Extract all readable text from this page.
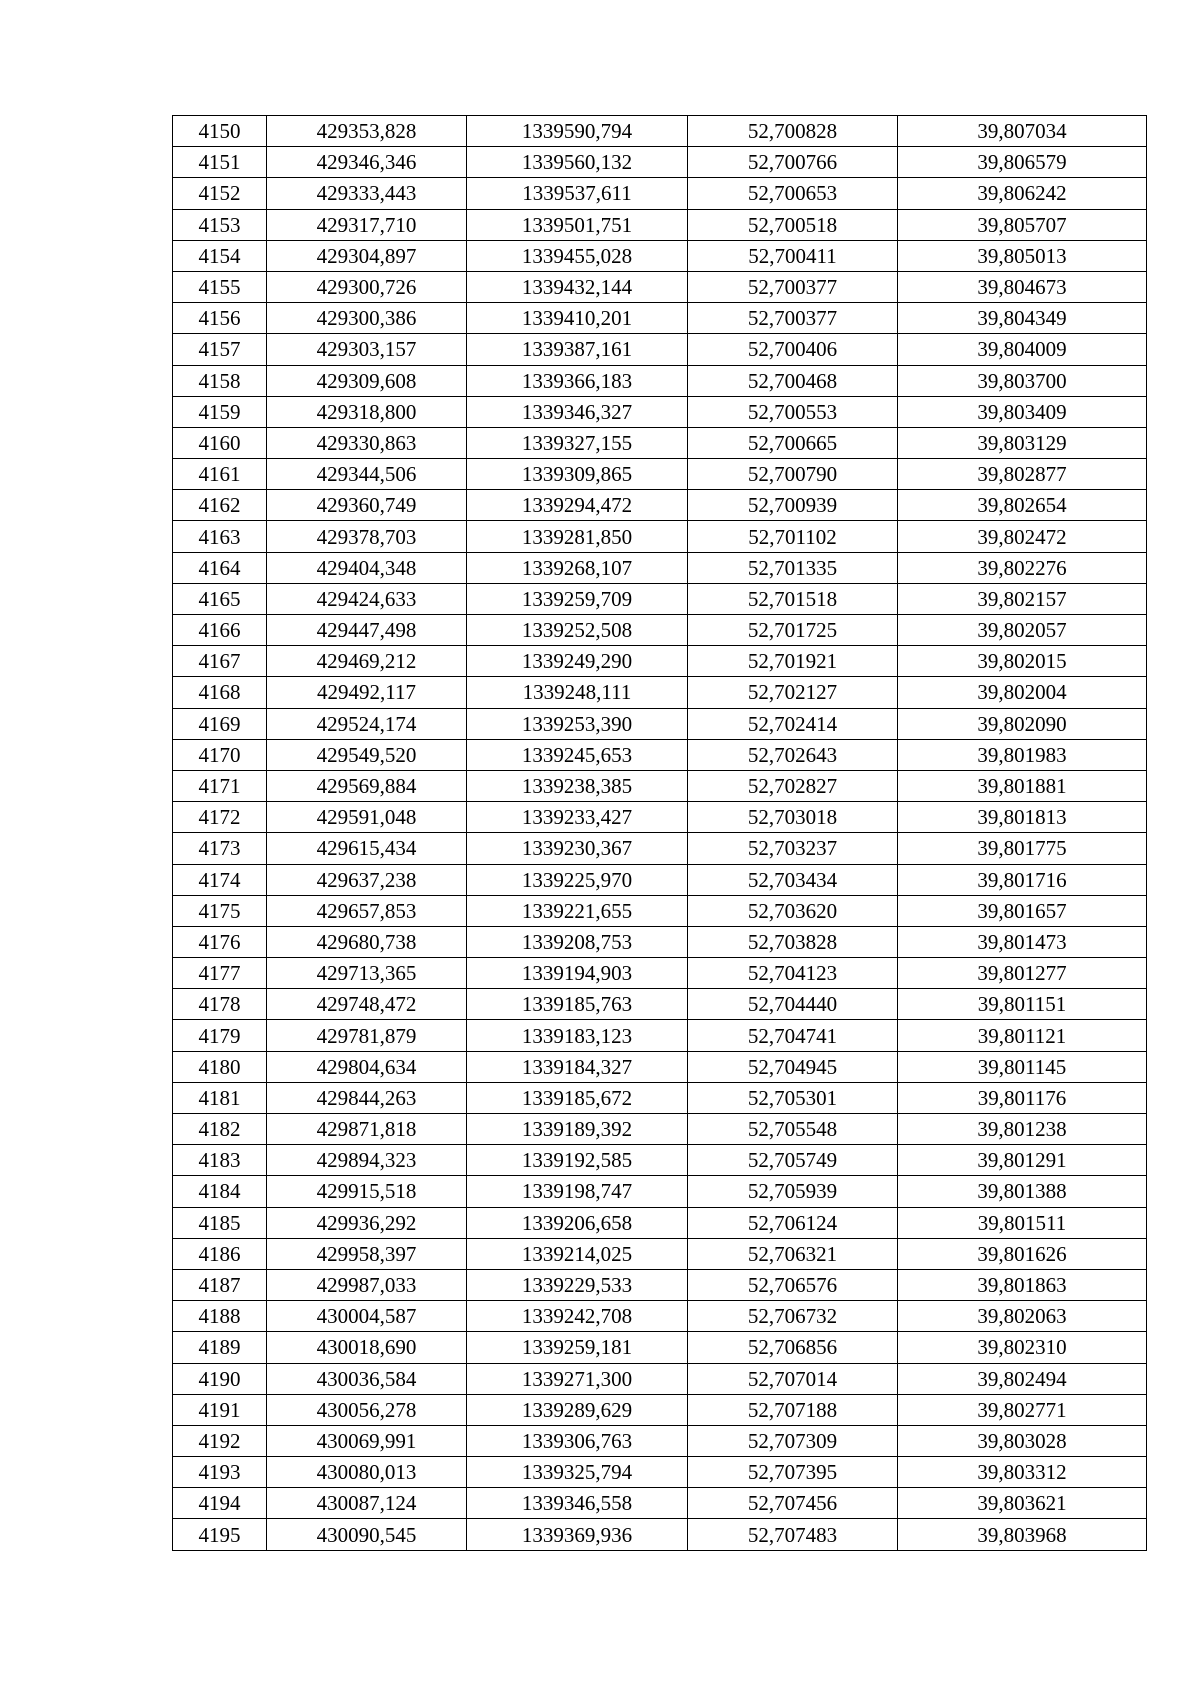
4150	429353,828	1339590,794	52,700828	39,807034
4151	429346,346	1339560,132	52,700766	39,806579
4152	429333,443	1339537,611	52,700653	39,806242
4153	429317,710	1339501,751	52,700518	39,805707
4154	429304,897	1339455,028	52,700411	39,805013
4155	429300,726	1339432,144	52,700377	39,804673
4156	429300,386	1339410,201	52,700377	39,804349
4157	429303,157	1339387,161	52,700406	39,804009
4158	429309,608	1339366,183	52,700468	39,803700
4159	429318,800	1339346,327	52,700553	39,803409
4160	429330,863	1339327,155	52,700665	39,803129
4161	429344,506	1339309,865	52,700790	39,802877
4162	429360,749	1339294,472	52,700939	39,802654
4163	429378,703	1339281,850	52,701102	39,802472
4164	429404,348	1339268,107	52,701335	39,802276
4165	429424,633	1339259,709	52,701518	39,802157
4166	429447,498	1339252,508	52,701725	39,802057
4167	429469,212	1339249,290	52,701921	39,802015
4168	429492,117	1339248,111	52,702127	39,802004
4169	429524,174	1339253,390	52,702414	39,802090
4170	429549,520	1339245,653	52,702643	39,801983
4171	429569,884	1339238,385	52,702827	39,801881
4172	429591,048	1339233,427	52,703018	39,801813
4173	429615,434	1339230,367	52,703237	39,801775
4174	429637,238	1339225,970	52,703434	39,801716
4175	429657,853	1339221,655	52,703620	39,801657
4176	429680,738	1339208,753	52,703828	39,801473
4177	429713,365	1339194,903	52,704123	39,801277
4178	429748,472	1339185,763	52,704440	39,801151
4179	429781,879	1339183,123	52,704741	39,801121
4180	429804,634	1339184,327	52,704945	39,801145
4181	429844,263	1339185,672	52,705301	39,801176
4182	429871,818	1339189,392	52,705548	39,801238
4183	429894,323	1339192,585	52,705749	39,801291
4184	429915,518	1339198,747	52,705939	39,801388
4185	429936,292	1339206,658	52,706124	39,801511
4186	429958,397	1339214,025	52,706321	39,801626
4187	429987,033	1339229,533	52,706576	39,801863
4188	430004,587	1339242,708	52,706732	39,802063
4189	430018,690	1339259,181	52,706856	39,802310
4190	430036,584	1339271,300	52,707014	39,802494
4191	430056,278	1339289,629	52,707188	39,802771
4192	430069,991	1339306,763	52,707309	39,803028
4193	430080,013	1339325,794	52,707395	39,803312
4194	430087,124	1339346,558	52,707456	39,803621
4195	430090,545	1339369,936	52,707483	39,803968
